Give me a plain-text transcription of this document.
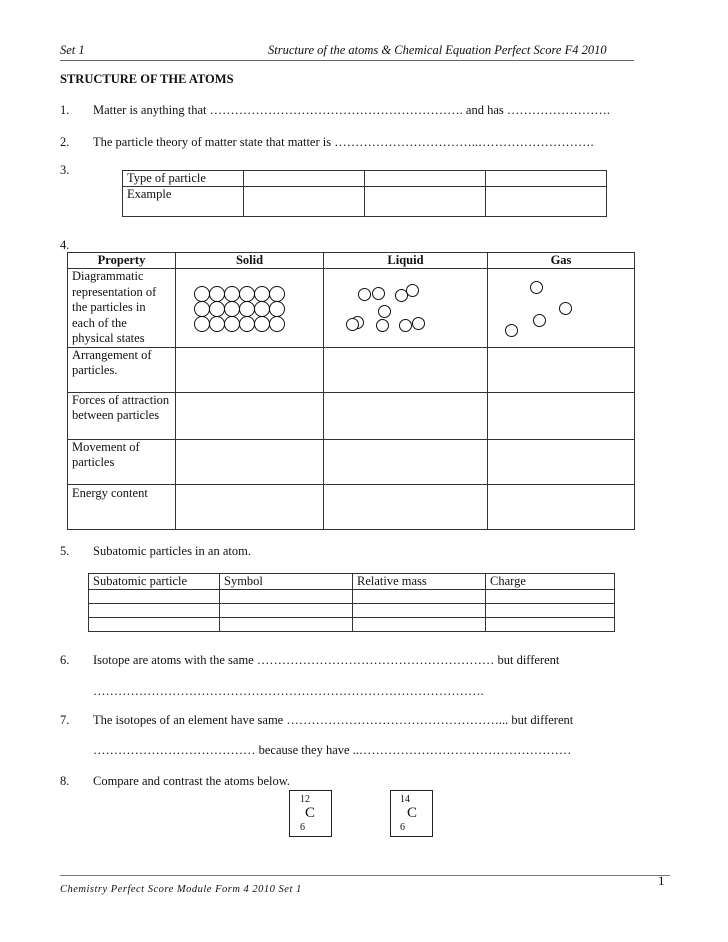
Set 1	Structure of the atoms & Chemical Equation Perfect Score F4 2010
STRUCTURE OF THE ATOMS
1. Matter is anything that ……………………………………………………. and has …………………….
2. The particle theory of matter state that matter is ……………………………..……………………….
3.
Type of particle			
Example			
4.
Property	Solid	Liquid	Gas
Diagrammatic representation of the particles in each of the physical states			
Arrangement of particles.			
Forces of attraction between particles			
Movement of particles			
Energy content			
5. Subatomic particles in an atom.
Subatomic particle	Symbol	Relative mass	Charge

6. Isotope are atoms with the same ………………………………………………… but different
………………………………………………………………………………….
7. The isotopes of an element have same ……………………………………………... but different
………………………………… because they have ..……………………………………………
8. Compare and contrast the atoms below.
12
C
6
14
C
6
1
Chemistry Perfect Score Module Form 4 2010 Set 1
